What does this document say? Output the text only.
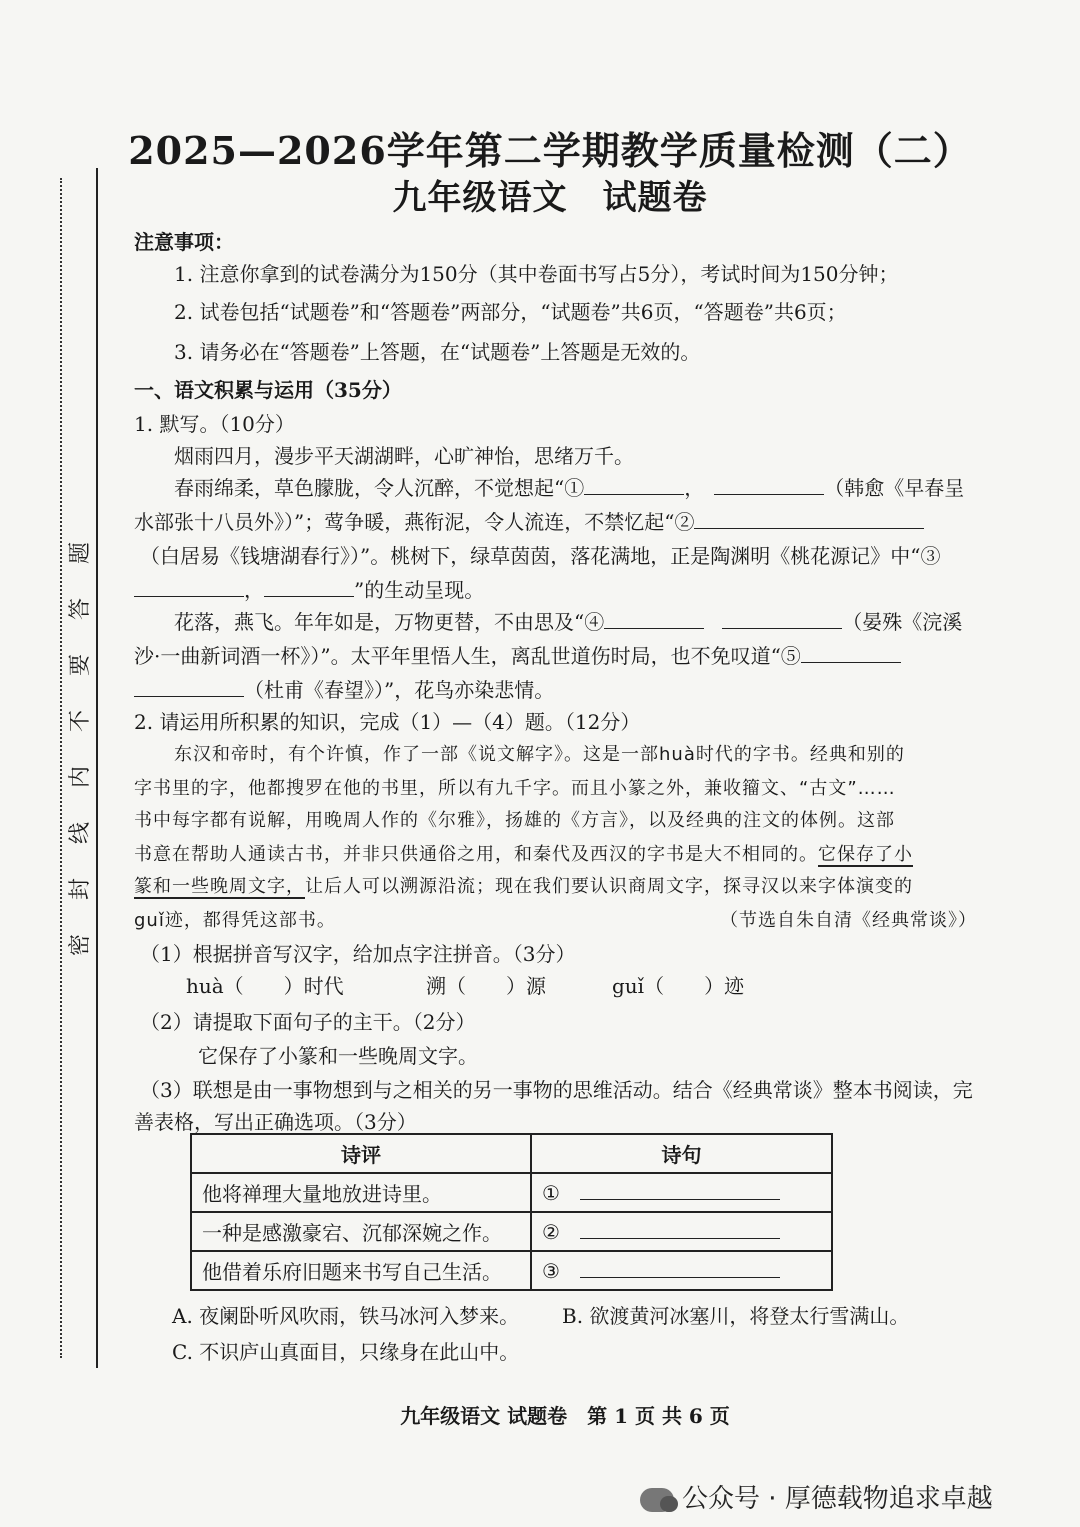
题
答
要
不
内
线
封
密
2025—2026学年第二学期教学质量检测（二）
九年级语文　试题卷
注意事项：
1. 注意你拿到的试卷满分为150分（其中卷面书写占5分），考试时间为150分钟；
2. 试卷包括“试题卷”和“答题卷”两部分，“试题卷”共6页，“答题卷”共6页；
3. 请务必在“答题卷”上答题，在“试题卷”上答题是无效的。
一、语文积累与运用（35分）
1. 默写。（10分）
烟雨四月，漫步平天湖湖畔，心旷神怡，思绪万千。
春雨绵柔，草色朦胧，令人沉醉，不觉想起“①	，	（韩愈《早春呈
水部张十八员外》）”；莺争暖，燕衔泥，令人流连，不禁忆起“②
（白居易《钱塘湖春行》）”。桃树下，绿草茵茵，落花满地，正是陶渊明《桃花源记》中“③
，	”的生动呈现。
花落，燕飞。年年如是，万物更替，不由思及“④	（晏殊《浣溪
沙·一曲新词酒一杯》）”。太平年里悟人生，离乱世道伤时局，也不免叹道“⑤
（杜甫《春望》）”，花鸟亦染悲情。
2. 请运用所积累的知识，完成（1）—（4）题。（12分）
东汉和帝时，有个许慎，作了一部《说文解字》。这是一部huà时代的字书。经典和别的
字书里的字，他都搜罗在他的书里，所以有九千字。而且小篆之外，兼收籀文、“古文”……
书中每字都有说解，用晚周人作的《尔雅》，扬雄的《方言》，以及经典的注文的体例。这部
书意在帮助人通读古书，并非只供通俗之用，和秦代及西汉的字书是大不相同的。它保存了小
篆和一些晚周文字，让后人可以溯源沿流；现在我们要认识商周文字，探寻汉以来字体演变的
guǐ迹，都得凭这部书。	（节选自朱自清《经典常谈》）
（1）根据拼音写汉字，给加点字注拼音。（3分）
huà（　　）时代	溯（　　）源	guǐ（　　）迹
（2）请提取下面句子的主干。（2分）
它保存了小篆和一些晚周文字。
（3）联想是由一事物想到与之相关的另一事物的思维活动。结合《经典常谈》整本书阅读，完
善表格，写出正确选项。（3分）
诗评	诗句
他将禅理大量地放进诗里。	①
一种是感激豪宕、沉郁深婉之作。	②
他借着乐府旧题来书写自己生活。	③
A. 夜阑卧听风吹雨，铁马冰河入梦来。 B. 欲渡黄河冰塞川，将登太行雪满山。
C. 不识庐山真面目，只缘身在此山中。
九年级语文 试题卷　第 1 页 共 6 页
公众号 · 厚德载物追求卓越
